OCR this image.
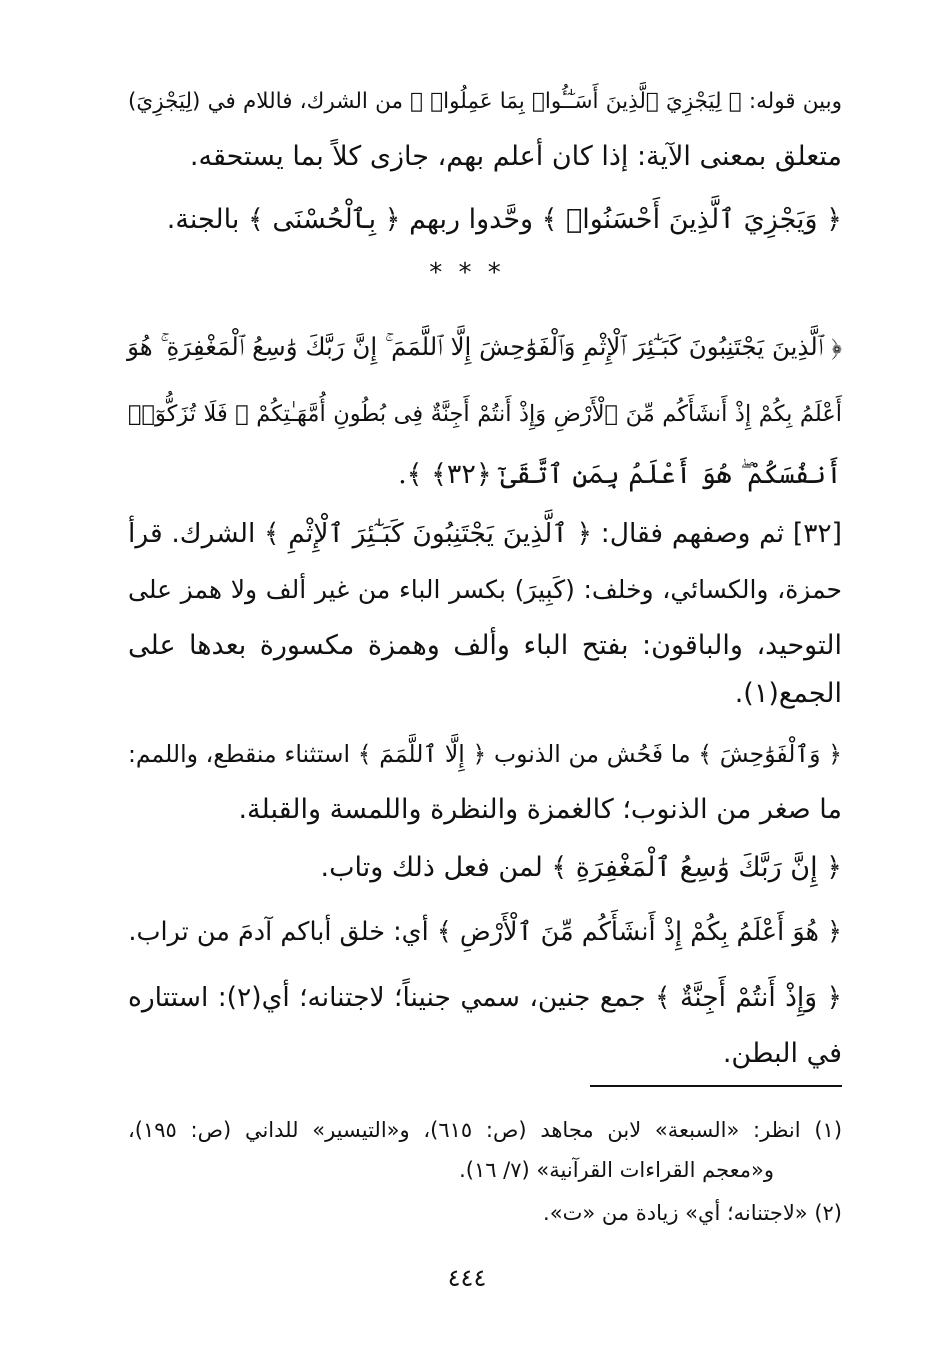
وبين قوله: ﴿ لِيَجْزِيَ ٱلَّذِينَ أَسَـٰٓـُٔوا۟ بِمَا عَمِلُوا۟ ﴾ من الشرك، فاللام في (لِيَجْزِيَ)
متعلق بمعنى الآية: إذا كان أعلم بهم، جازى كلاً بما يستحقه.
﴿ وَيَجْزِيَ ٱلَّذِينَ أَحْسَنُوا۟ ﴾ وحَّدوا ربهم ﴿ بِٱلْحُسْنَى ﴾ بالجنة.
* * *
﴿ ٱلَّذِينَ يَجْتَنِبُونَ كَبَـٰٓئِرَ ٱلْإِثْمِ وَٱلْفَوَٰحِشَ إِلَّا ٱللَّمَمَ ۚ إِنَّ رَبَّكَ وَٰسِعُ ٱلْمَغْفِرَةِ ۚ هُوَ
أَعْلَمُ بِكُمْ إِذْ أَنشَأَكُم مِّنَ ٱلْأَرْضِ وَإِذْ أَنتُمْ أَجِنَّةٌ فِى بُطُونِ أُمَّهَـٰتِكُمْ ۖ فَلَا تُزَكُّوٓا۟
أَنفُسَكُمْ ۖ هُوَ أَعْلَمُ بِمَنِ ٱتَّقَىٰٓ ﴿٣٢﴾ ﴾.
[٣٢] ثم وصفهم فقال: ﴿ ٱلَّذِينَ يَجْتَنِبُونَ كَبَـٰٓئِرَ ٱلْإِثْمِ ﴾ الشرك. قرأ
حمزة، والكسائي، وخلف: (كَبِيرَ) بكسر الباء من غير ألف ولا همز على
التوحيد، والباقون: بفتح الباء وألف وهمزة مكسورة بعدها على
الجمع(١).
﴿ وَٱلْفَوَٰحِشَ ﴾ ما فَحُش من الذنوب ﴿ إِلَّا ٱللَّمَمَ ﴾ استثناء منقطع، واللمم:
ما صغر من الذنوب؛ كالغمزة والنظرة واللمسة والقبلة.
﴿ إِنَّ رَبَّكَ وَٰسِعُ ٱلْمَغْفِرَةِ ﴾ لمن فعل ذلك وتاب.
﴿ هُوَ أَعْلَمُ بِكُمْ إِذْ أَنشَأَكُم مِّنَ ٱلْأَرْضِ ﴾ أي: خلق أباكم آدمَ من تراب.
﴿ وَإِذْ أَنتُمْ أَجِنَّةٌ ﴾ جمع جنين، سمي جنيناً؛ لاجتنانه؛ أي(٢): استتاره
في البطن.
(١) انظر: «السبعة» لابن مجاهد (ص: ٦١٥)، و«التيسير» للداني (ص: ١٩٥)،
و«معجم القراءات القرآنية» (٧/ ١٦).
(٢) «لاجتنانه؛ أي» زيادة من «ت».
٤٤٤
